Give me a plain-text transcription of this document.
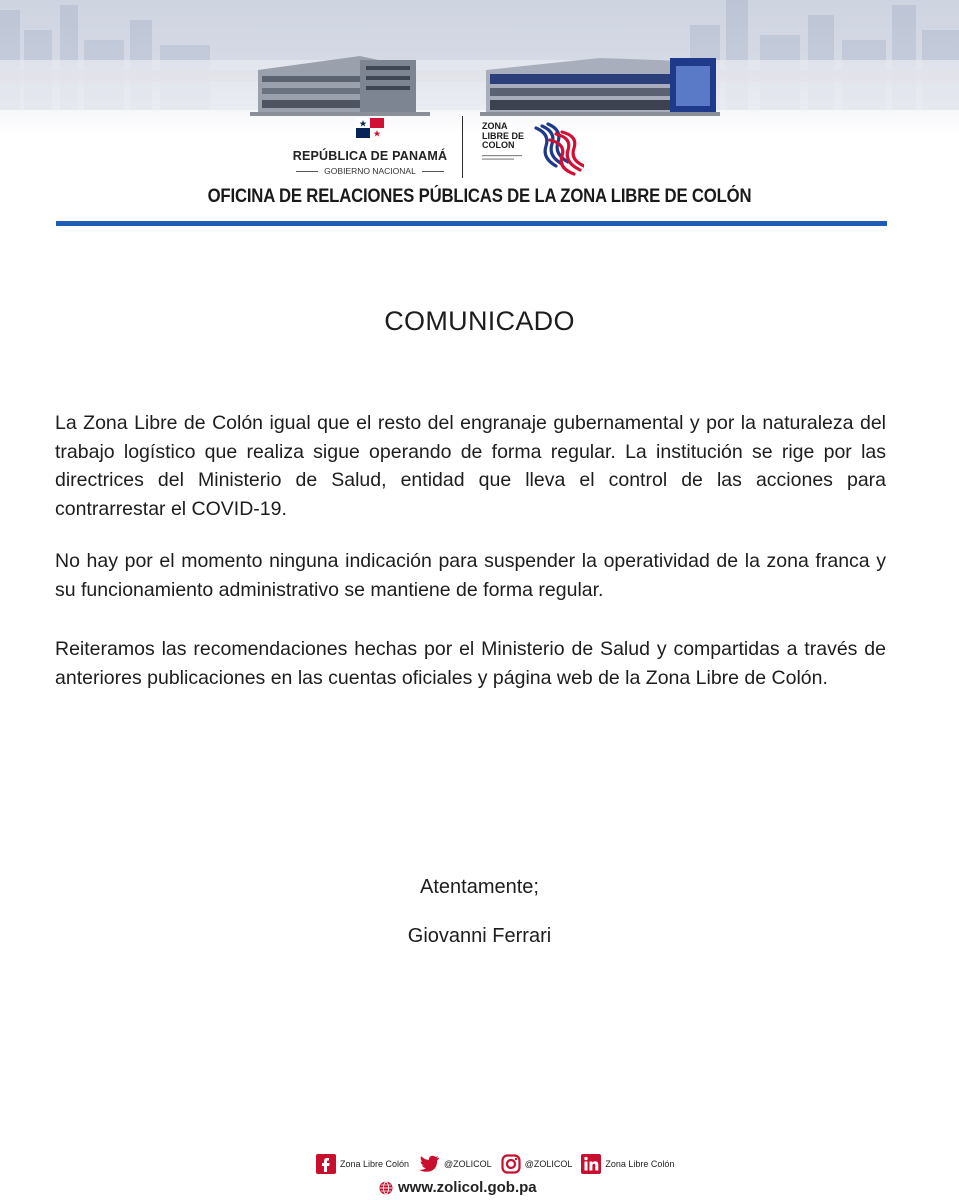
REPÚBLICA DE PANAMÁ
GOBIERNO NACIONAL
ZONA
LIBRE DE
COLON
OFICINA DE RELACIONES PÚBLICAS DE LA ZONA LIBRE DE COLÓN
COMUNICADO

La Zona Libre de Colón igual que el resto del engranaje gubernamental y por la naturaleza del trabajo logístico que realiza sigue operando de forma regular. La institución se rige por las directrices del Ministerio de Salud, entidad que lleva el control de las acciones para contrarrestar el COVID-19.

No hay por el momento ninguna indicación para suspender la operatividad de la zona franca y su funcionamiento administrativo se mantiene de forma regular.

Reiteramos las recomendaciones hechas por el Ministerio de Salud y compartidas a través de anteriores publicaciones en las cuentas oficiales y página web de la Zona Libre de Colón.

Atentamente;
Giovanni Ferrari
Zona Libre Colón	@ZOLICOL	@ZOLICOL	Zona Libre Colón
www.zolicol.gob.pa
